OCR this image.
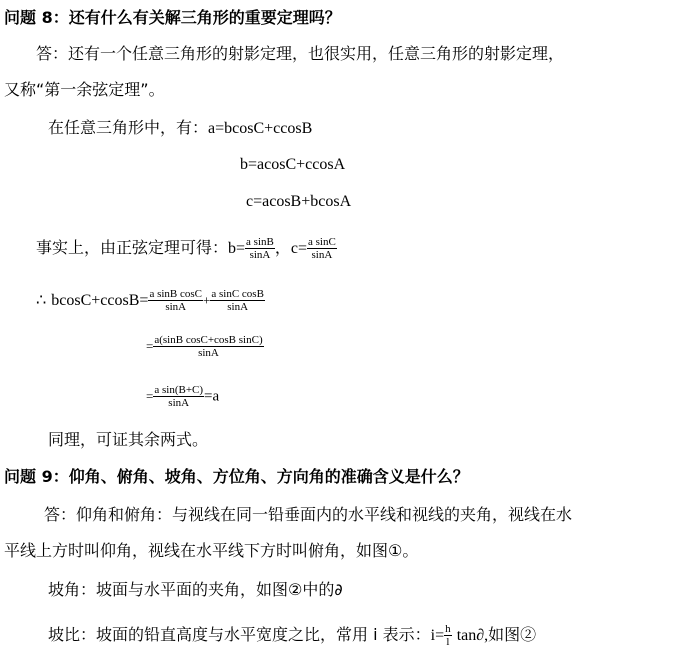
问题 8：还有什么有关解三角形的重要定理吗？
答：还有一个任意三角形的射影定理，也很实用，任意三角形的射影定理，
又称“第一余弦定理”。
在任意三角形中，有：a=bcosC+ccosB
b=acosC+ccosA
c=acosB+bcosA
事实上，由正弦定理可得：$b= \frac{\text{a sinB}}{\sin A}$ ，$c= \frac{\text{a sinC}}{\sin A}$
∴ $bcosC+ccosB= \frac{\text{a sinB cosC}}{\sin A} + \frac{\text{a sinC cosB}}{\sin A}$
= $\frac{\text{a(sinB cosC+cosB sinC)}}{\sin A}$
= $\frac{\text{a sin(B+C)}}{\sin A} =a$
同理，可证其余两式。
问题 9：仰角、俯角、坡角、方位角、方向角的准确含义是什么？
答：仰角和俯角：与视线在同一铅垂面内的水平线和视线的夹角，视线在水
平线上方时叫仰角，视线在水平线下方时叫俯角，如图①。
坡角：坡面与水平面的夹角，如图②中的∂
坡比：坡面的铅直高度与水平宽度之比，常用 i 表示：$i= \frac{h}{l} \tan\partial$,如图②
